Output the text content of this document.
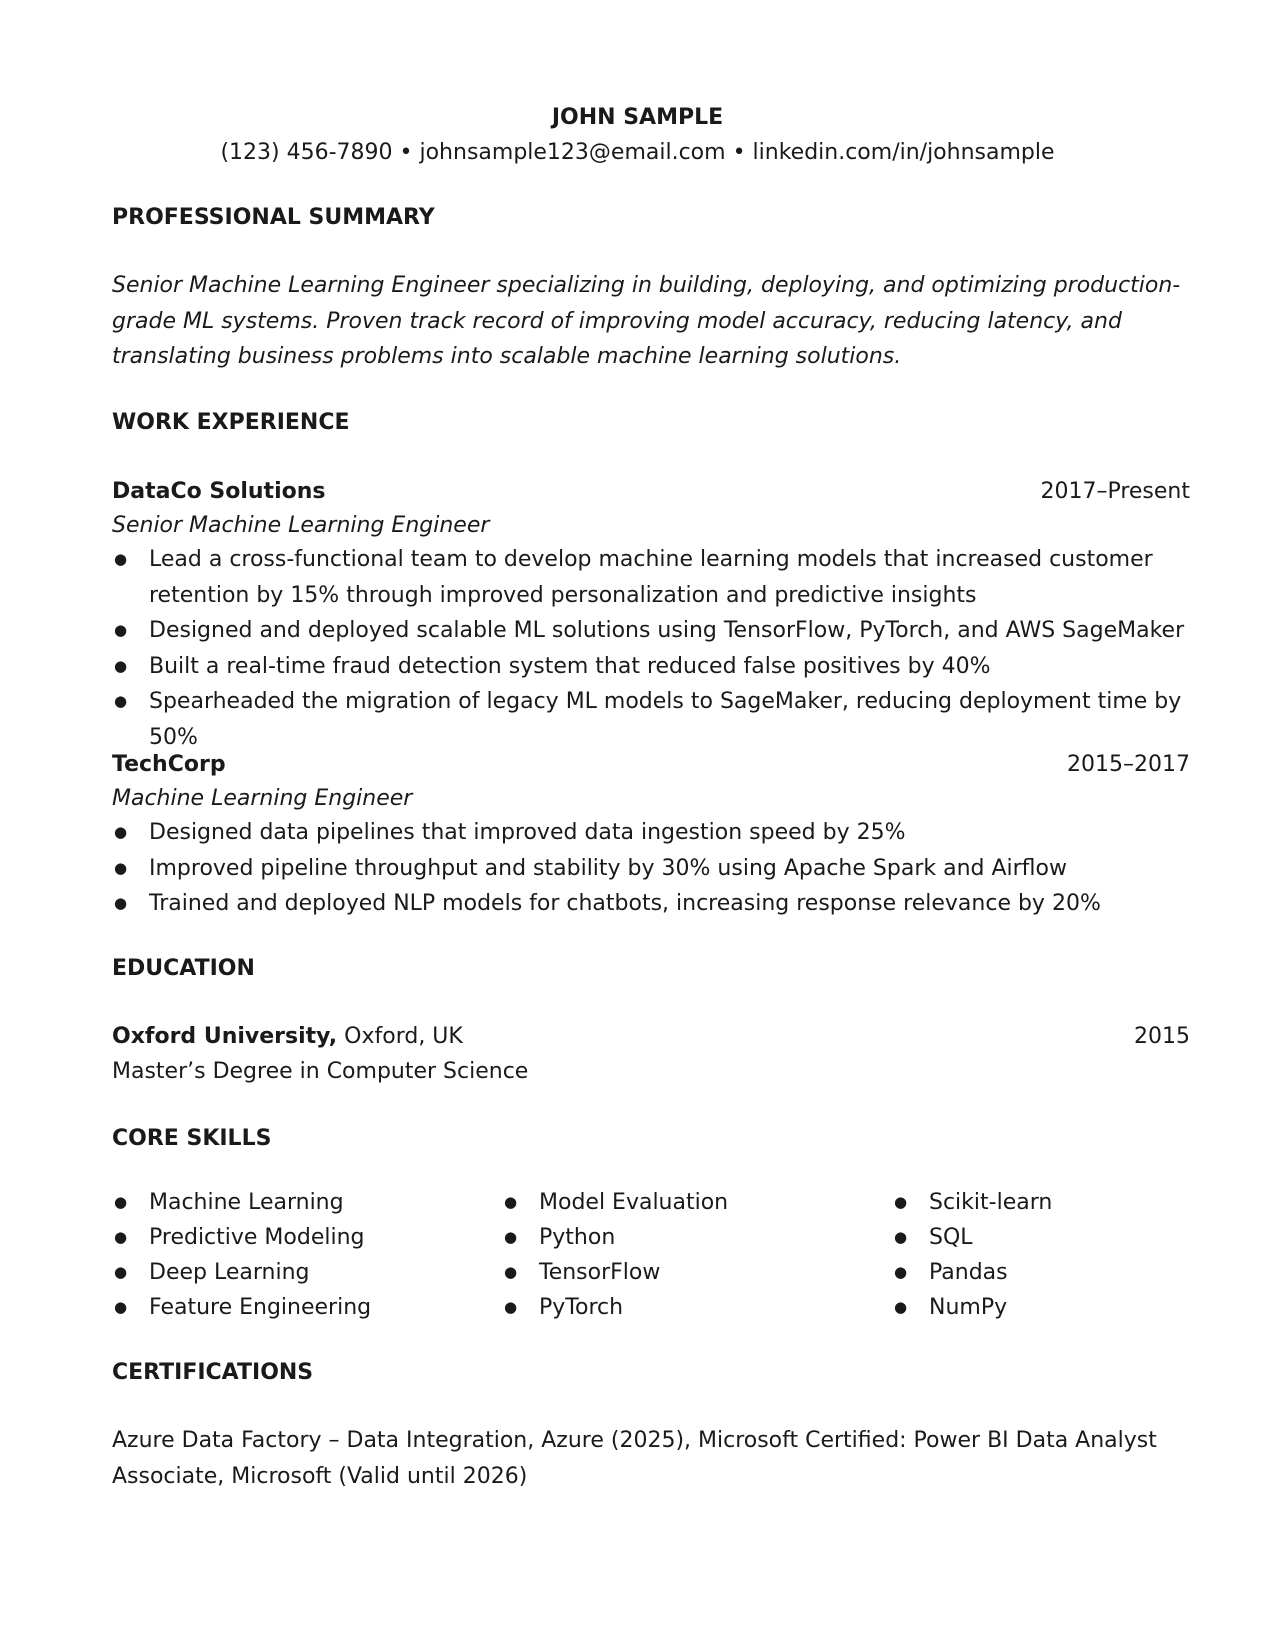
JOHN SAMPLE
(123) 456-7890 • johnsample123@email.com • linkedin.com/in/johnsample
PROFESSIONAL SUMMARY
Senior Machine Learning Engineer specializing in building, deploying, and optimizing production-grade ML systems. Proven track record of improving model accuracy, reducing latency, and translating business problems into scalable machine learning solutions.
WORK EXPERIENCE
DataCo Solutions	2017–Present
Senior Machine Learning Engineer
● Lead a cross-functional team to develop machine learning models that increased customer retention by 15% through improved personalization and predictive insights
● Designed and deployed scalable ML solutions using TensorFlow, PyTorch, and AWS SageMaker
● Built a real-time fraud detection system that reduced false positives by 40%
● Spearheaded the migration of legacy ML models to SageMaker, reducing deployment time by 50%
TechCorp	2015–2017
Machine Learning Engineer
● Designed data pipelines that improved data ingestion speed by 25%
● Improved pipeline throughput and stability by 30% using Apache Spark and Airflow
● Trained and deployed NLP models for chatbots, increasing response relevance by 20%
EDUCATION
Oxford University, Oxford, UK	2015
Master’s Degree in Computer Science
CORE SKILLS
● Machine Learning
● Predictive Modeling
● Deep Learning
● Feature Engineering
● Model Evaluation
● Python
● TensorFlow
● PyTorch
● Scikit-learn
● SQL
● Pandas
● NumPy
CERTIFICATIONS
Azure Data Factory – Data Integration, Azure (2025), Microsoft Certified: Power BI Data Analyst Associate, Microsoft (Valid until 2026)
